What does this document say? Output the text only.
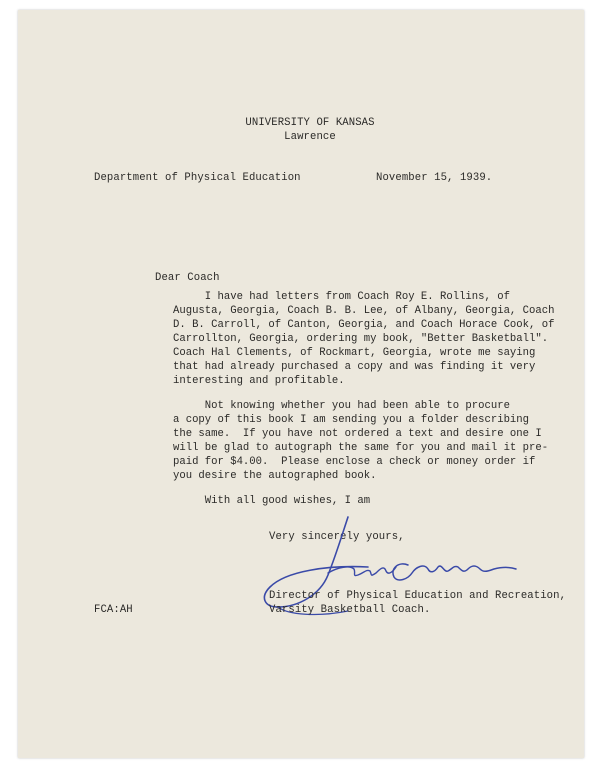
UNIVERSITY OF KANSAS
Lawrence
Department of Physical Education	November 15, 1939.
Dear Coach
I have had letters from Coach Roy E. Rollins, of
Augusta, Georgia, Coach B. B. Lee, of Albany, Georgia, Coach
D. B. Carroll, of Canton, Georgia, and Coach Horace Cook, of
Carrollton, Georgia, ordering my book, "Better Basketball".
Coach Hal Clements, of Rockmart, Georgia, wrote me saying
that had already purchased a copy and was finding it very
interesting and profitable.
Not knowing whether you had been able to procure
a copy of this book I am sending you a folder describing
the same.  If you have not ordered a text and desire one I
will be glad to autograph the same for you and mail it pre-
paid for $4.00.  Please enclose a check or money order if
you desire the autographed book.
With all good wishes, I am
Very sincerely yours,
Director of Physical Education and Recreation,
Varsity Basketball Coach.
FCA:AH
